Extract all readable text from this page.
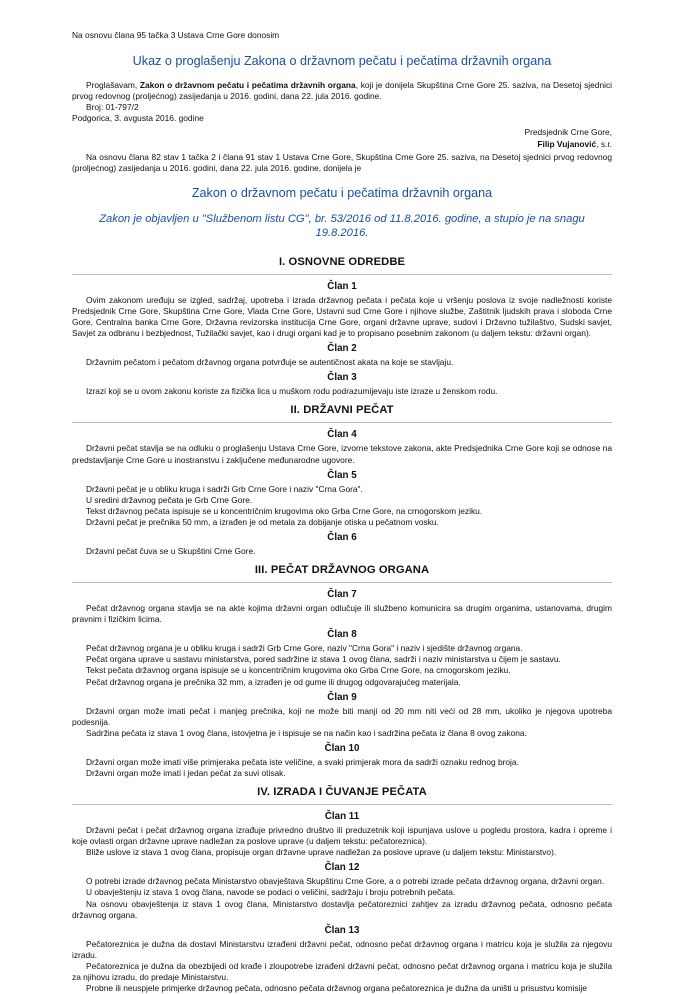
Na osnovu člana 95 tačka 3 Ustava Crne Gore donosim

Ukaz o proglašenju Zakona o državnom pečatu i pečatima državnih organa

Proglašavam, Zakon o državnom pečatu i pečatima državnih organa, koji je donijela Skupština Crne Gore 25. saziva, na Desetoj sjednici prvog redovnog (proljećnog) zasijedanja u 2016. godini, dana 22. jula 2016. godine.

Broj: 01-797/2

Podgorica, 3. avgusta 2016. godine

Predsjednik Crne Gore,

Filip Vujanović, s.r.

Na osnovu člana 82 stav 1 tačka 2 i člana 91 stav 1 Ustava Crne Gore, Skupština Crne Gore 25. saziva, na Desetoj sjednici prvog redovnog (proljećnog) zasijedanja u 2016. godini, dana 22. jula 2016. godine, donijela je

Zakon o državnom pečatu i pečatima državnih organa

Zakon je objavljen u "Službenom listu CG", br. 53/2016 od 11.8.2016. godine, a stupio je na snagu 19.8.2016.

I. OSNOVNE ODREDBE
Član 1

Ovim zakonom uređuju se izgled, sadržaj, upotreba i izrada državnog pečata i pečata koje u vršenju poslova iz svoje nadležnosti koriste Predsjednik Crne Gore, Skupština Crne Gore, Vlada Crne Gore, Ustavni sud Crne Gore i njihove službe, Zaštitnik ljudskih prava i sloboda Crne Gore, Centralna banka Crne Gore, Državna revizorska institucija Crne Gore, organi državne uprave, sudovi i Državno tužilaštvo, Sudski savjet, Savjet za odbranu i bezbjednost, Tužilački savjet, kao i drugi organi kad je to propisano posebnim zakonom (u daljem tekstu: državni organ).

Član 2

Državnim pečatom i pečatom državnog organa potvrđuje se autentičnost akata na koje se stavljaju.

Član 3

Izrazi koji se u ovom zakonu koriste za fizička lica u muškom rodu podrazumijevaju iste izraze u ženskom rodu.

II. DRŽAVNI PEČAT
Član 4

Državni pečat stavlja se na odluku o proglašenju Ustava Crne Gore, izvorne tekstove zakona, akte Predsjednika Crne Gore koji se odnose na predstavljanje Crne Gore u inostranstvu i zaključene međunarodne ugovore.

Član 5

Državni pečat je u obliku kruga i sadrži Grb Crne Gore i naziv "Crna Gora".

U sredini državnog pečata je Grb Crne Gore.

Tekst državnog pečata ispisuje se u koncentričnim krugovima oko Grba Crne Gore, na crnogorskom jeziku.

Državni pečat je prečnika 50 mm, a izrađen je od metala za dobijanje otiska u pečatnom vosku.

Član 6

Državni pečat čuva se u Skupštini Crne Gore.

III. PEČAT DRŽAVNOG ORGANA
Član 7

Pečat državnog organa stavlja se na akte kojima državni organ odlučuje ili službeno komunicira sa drugim organima, ustanovama, drugim pravnim i fizičkim licima.

Član 8

Pečat državnog organa je u obliku kruga i sadrži Grb Crne Gore, naziv "Crna Gora" i naziv i sjedište državnog organa.

Pečat organa uprave u sastavu ministarstva, pored sadržine iz stava 1 ovog člana, sadrži i naziv ministarstva u čijem je sastavu.

Tekst pečata državnog organa ispisuje se u koncentričnim krugovima oko Grba Crne Gore, na crnogorskom jeziku.

Pečat državnog organa je prečnika 32 mm, a izrađen je od gume ili drugog odgovarajućeg materijala.

Član 9

Državni organ može imati pečat i manjeg prečnika, koji ne može biti manji od 20 mm niti veći od 28 mm, ukoliko je njegova upotreba podesnija.

Sadržina pečata iz stava 1 ovog člana, istovjetna je i ispisuje se na način kao i sadržina pečata iz člana 8 ovog zakona.

Član 10

Državni organ može imati više primjeraka pečata iste veličine, a svaki primjerak mora da sadrži oznaku rednog broja.

Državni organ može imati i jedan pečat za suvi otisak.

IV. IZRADA I ČUVANJE PEČATA
Član 11

Državni pečat i pečat državnog organa izrađuje privredno društvo ili preduzetnik koji ispunjava uslove u pogledu prostora, kadra i opreme i koje ovlasti organ državne uprave nadležan za poslove uprave (u daljem tekstu: pečatoreznica).

Bliže uslove iz stava 1 ovog člana, propisuje organ državne uprave nadležan za poslove uprave (u daljem tekstu: Ministarstvo).

Član 12

O potrebi izrade državnog pečata Ministarstvo obavještava Skupštinu Crne Gore, a o potrebi izrade pečata državnog organa, državni organ.

U obavještenju iz stava 1 ovog člana, navode se podaci o veličini, sadržaju i broju potrebnih pečata.

Na osnovu obavještenja iz stava 1 ovog člana, Ministarstvo dostavlja pečatoreznici zahtjev za izradu državnog pečata, odnosno pečata državnog organa.

Član 13

Pečatoreznica je dužna da dostavi Ministarstvu izrađeni državni pečat, odnosno pečat državnog organa i matricu koja je služila za njegovu izradu.

Pečatoreznica je dužna da obezbijedi od krađe i zloupotrebe izrađeni državni pečat, odnosno pečat državnog organa i matricu koja je služila za njihovu izradu, do predaje Ministarstvu.

Probne ili neuspjele primjerke državnog pečata, odnosno pečata državnog organa pečatoreznica je dužna da uništi u prisustvu komisije
